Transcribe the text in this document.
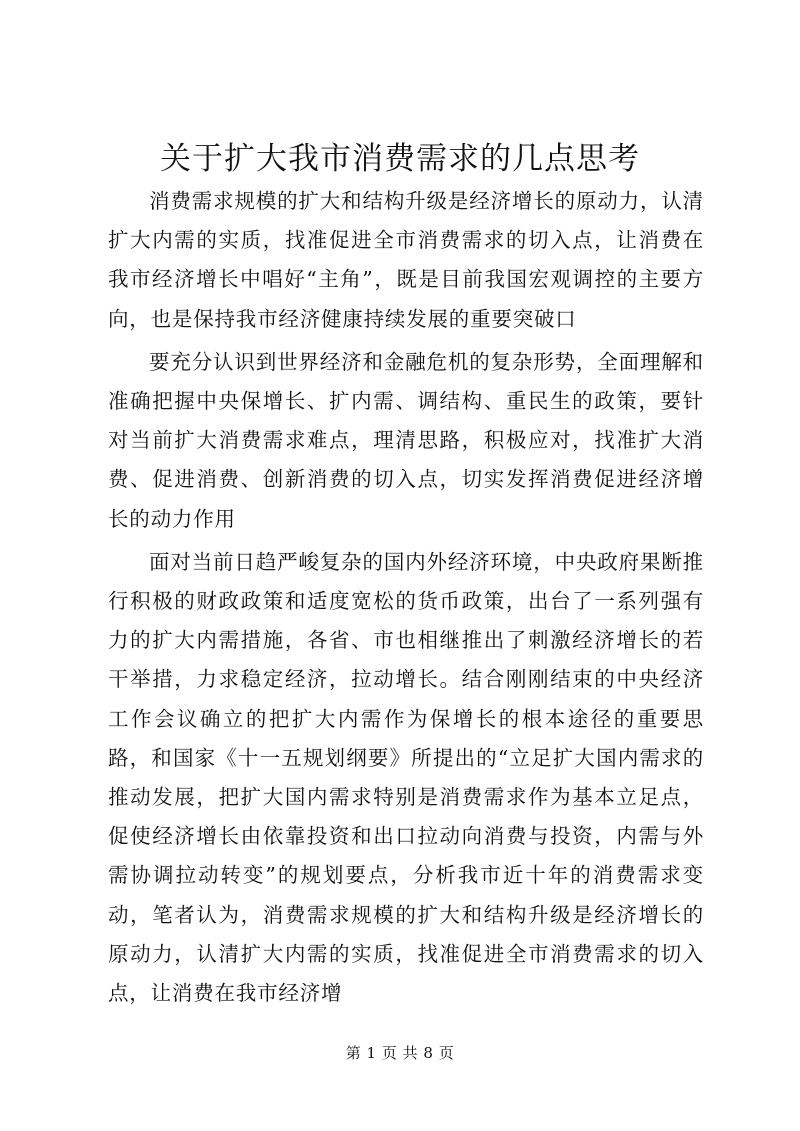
关于扩大我市消费需求的几点思考

消费需求规模的扩大和结构升级是经济增长的原动力，认清扩大内需的实质，找准促进全市消费需求的切入点，让消费在我市经济增长中唱好“主角”，既是目前我国宏观调控的主要方向，也是保持我市经济健康持续发展的重要突破口

要充分认识到世界经济和金融危机的复杂形势，全面理解和准确把握中央保增长、扩内需、调结构、重民生的政策，要针对当前扩大消费需求难点，理清思路，积极应对，找准扩大消费、促进消费、创新消费的切入点，切实发挥消费促进经济增长的动力作用

面对当前日趋严峻复杂的国内外经济环境，中央政府果断推行积极的财政政策和适度宽松的货币政策，出台了一系列强有力的扩大内需措施，各省、市也相继推出了刺激经济增长的若干举措，力求稳定经济，拉动增长。结合刚刚结束的中央经济工作会议确立的把扩大内需作为保增长的根本途径的重要思路，和国家《十一五规划纲要》所提出的“立足扩大国内需求的推动发展，把扩大国内需求特别是消费需求作为基本立足点，促使经济增长由依靠投资和出口拉动向消费与投资，内需与外需协调拉动转变”的规划要点，分析我市近十年的消费需求变动，笔者认为，消费需求规模的扩大和结构升级是经济增长的原动力，认清扩大内需的实质，找准促进全市消费需求的切入点，让消费在我市经济增

第 1 页 共 8 页
